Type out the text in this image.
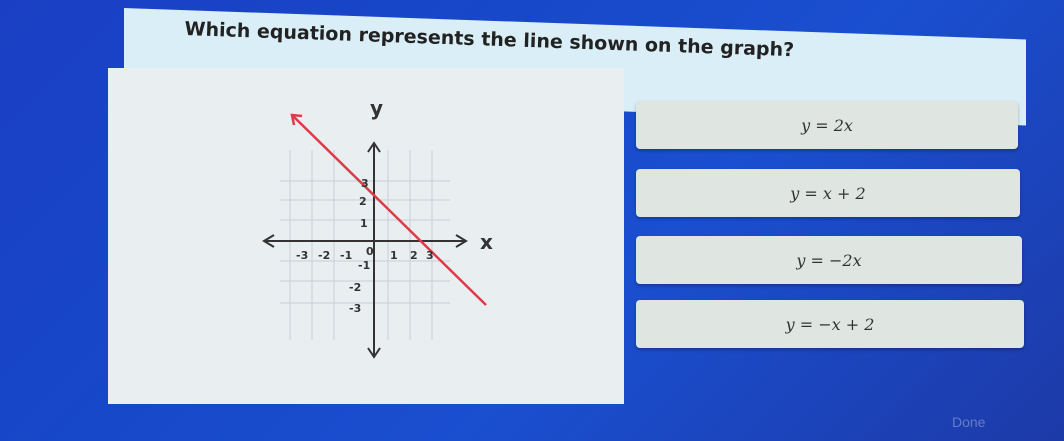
Which equation represents the line shown on the graph?
y
x
-3 -2 -1	1 2 3
0
3
2
1
-1
-2
-3
y = 2x
y = x + 2
y = −2x
y = −x + 2
Done
